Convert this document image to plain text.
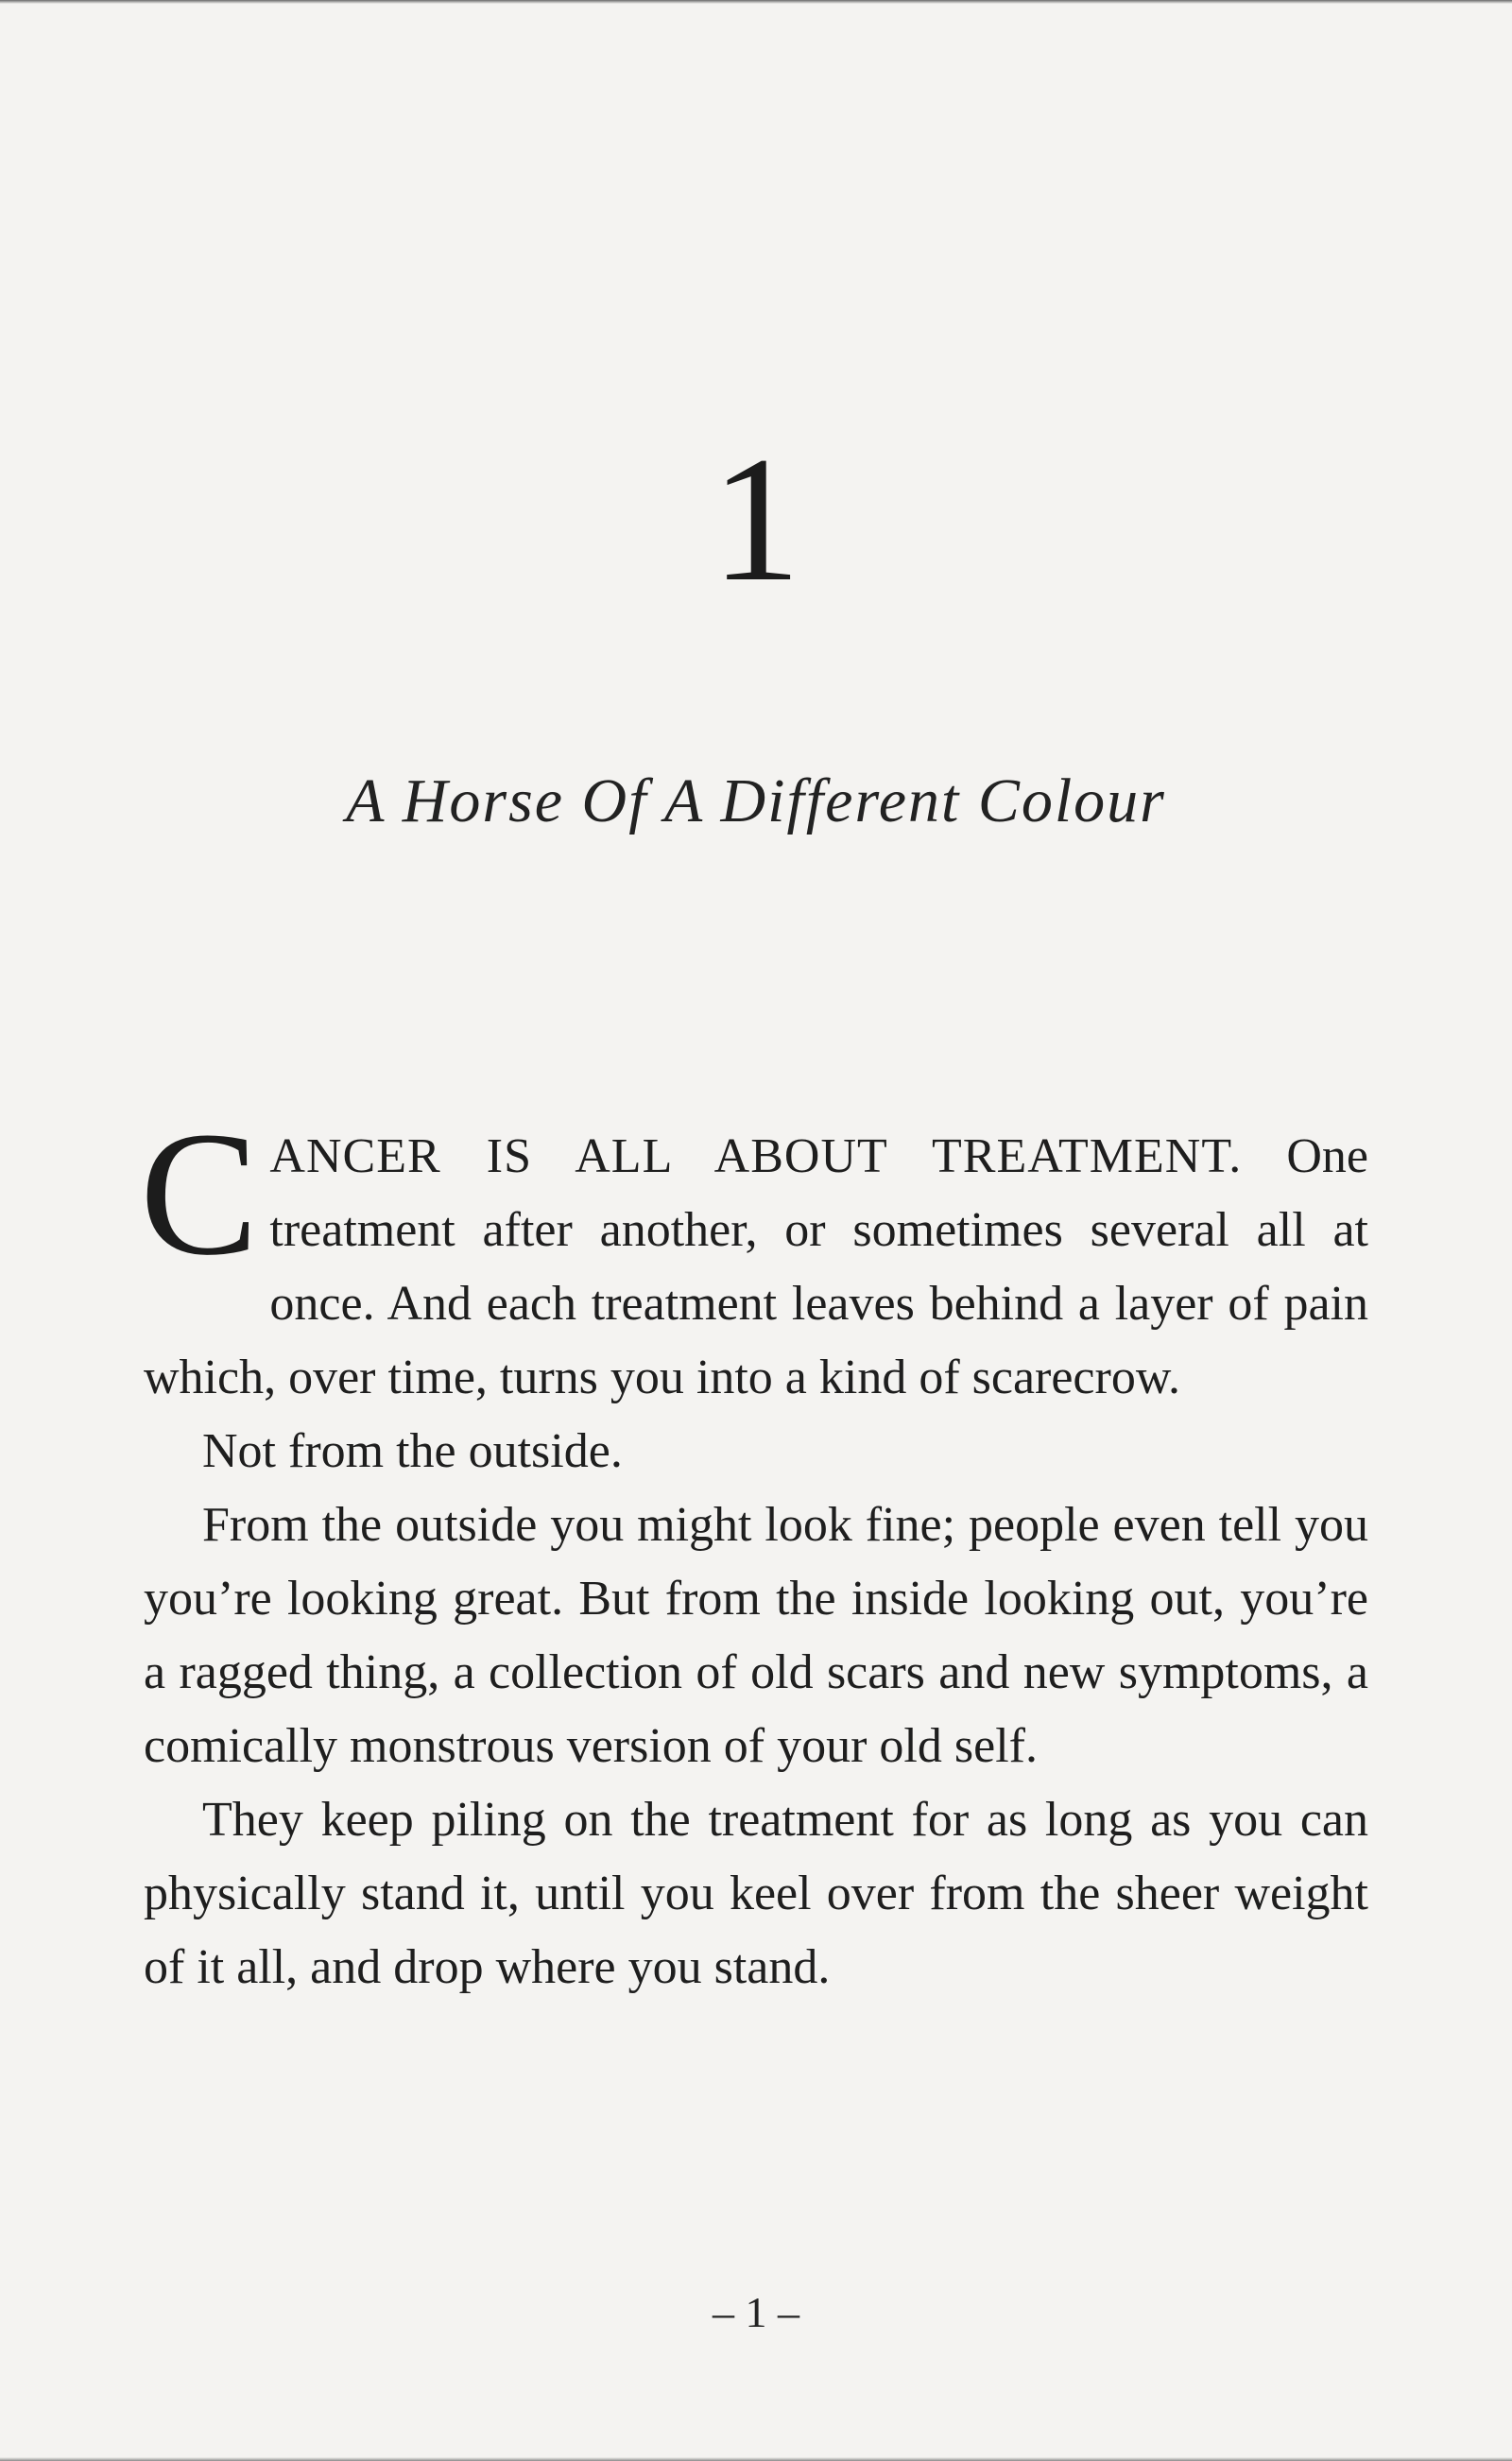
1
A Horse Of A Different Colour

CANCER IS ALL ABOUT TREATMENT. One treatment after another, or sometimes several all at once. And each treatment leaves behind a layer of pain which, over time, turns you into a kind of scarecrow.

Not from the outside.

From the outside you might look fine; people even tell you you’re looking great. But from the inside looking out, you’re a ragged thing, a collection of old scars and new symptoms, a comically monstrous version of your old self.

They keep piling on the treatment for as long as you can physically stand it, until you keel over from the sheer weight of it all, and drop where you stand.

– 1 –
